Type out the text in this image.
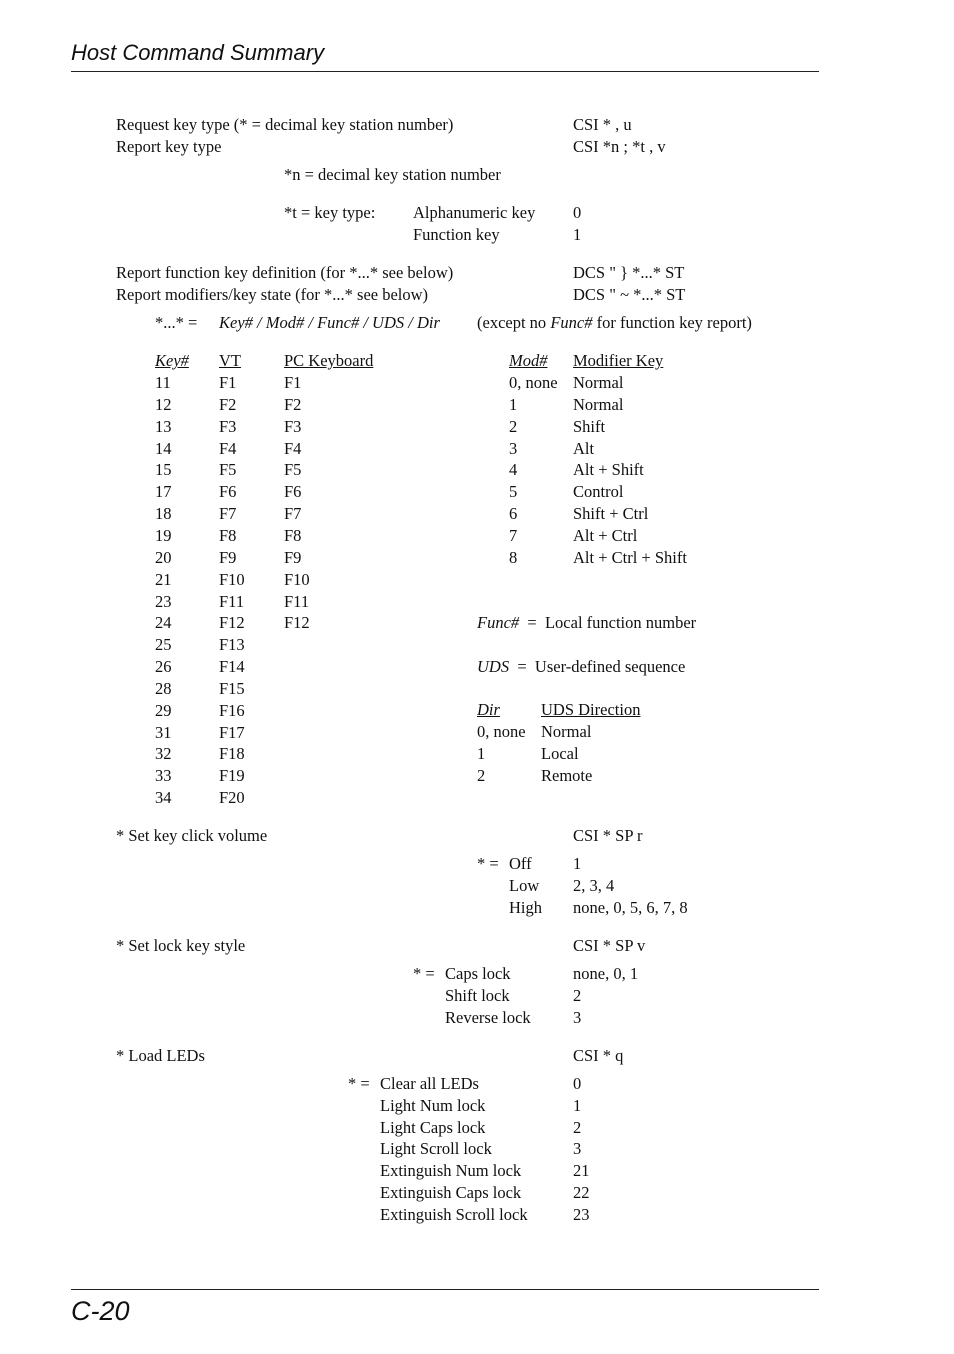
Host Command Summary
Request key type (* = decimal key station number)	CSI * , u
Report key type	CSI *n ; *t , v
*n = decimal key station number
*t = key type: Alphanumeric key 0
Function key	1
Report function key definition (for *...* see below)	DCS " } *...* ST
Report modifiers/key state (for *...* see below)	DCS " ~ *...* ST
*...* = Key# / Mod# / Func# / UDS / Dir (except no Func# for function key report)
Key# VT	PC Keyboard
11	F1	F1
12	F2	F2
13	F3	F3
14	F4	F4
15	F5	F5
17	F6	F6
18	F7	F7
19	F8	F8
20	F9	F9
21	F10 F10
23	F11 F11
24	F12 F12
25	F13
26	F14
28	F15
29	F16
31	F17
32	F18
33	F19
34	F20
Mod# Modifier Key
0, none Normal
1	Normal
2	Shift
3	Alt
4	Alt + Shift
5	Control
6	Shift + Ctrl
7	Alt + Ctrl
8	Alt + Ctrl + Shift
Func# = Local function number
UDS = User-defined sequence
Dir UDS Direction
0, none Normal
1	Local
2	Remote
* Set key click volume	CSI * SP r
* = Off	1
Low 2, 3, 4
High none, 0, 5, 6, 7, 8
* Set lock key style	CSI * SP v
* = Caps lock	none, 0, 1
Shift lock	2
Reverse lock	3
* Load LEDs	CSI * q
* = Clear all LEDs	0
Light Num lock	1
Light Caps lock	2
Light Scroll lock	3
Extinguish Num lock	21
Extinguish Caps lock	22
Extinguish Scroll lock	23
C-20
